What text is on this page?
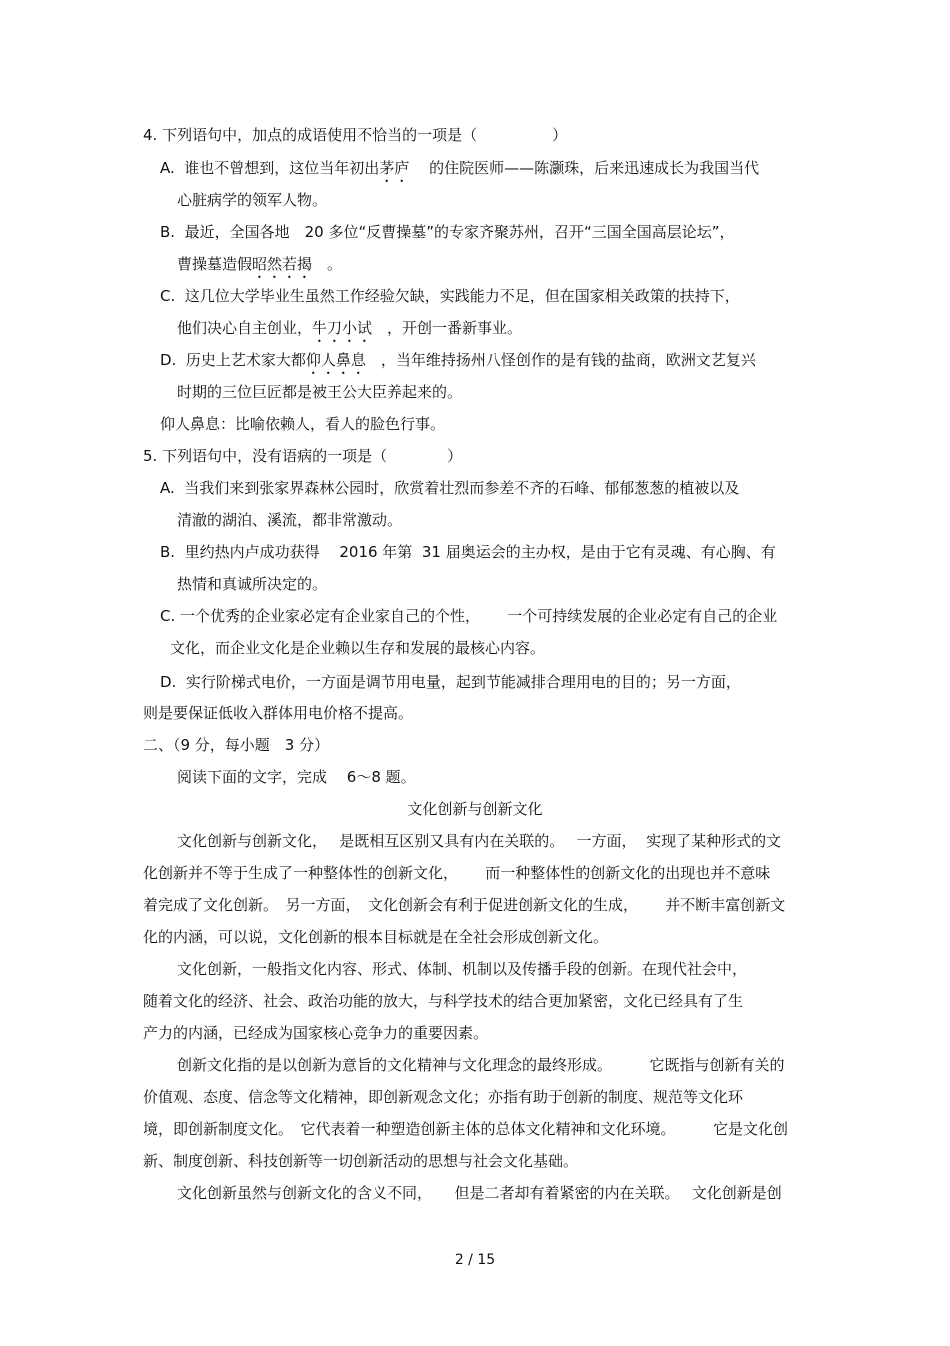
4. 下列语句中，加点的成语使用不恰当的一项是（　　　　　）
A.  谁也不曾想到，这位当年初出茅庐　 的住院医师——陈灏珠，后来迅速成长为我国当代
心脏病学的领军人物。
B.  最近，全国各地　20 多位“反曹操墓”的专家齐聚苏州，召开“三国全国高层论坛”，
曹操墓造假昭然若揭　。
C.  这几位大学毕业生虽然工作经验欠缺，实践能力不足，但在国家相关政策的扶持下，
他们决心自主创业，牛刀小试　，开创一番新事业。
D.  历史上艺术家大都仰人鼻息　，当年维持扬州八怪创作的是有钱的盐商，欧洲文艺复兴
时期的三位巨匠都是被王公大臣养起来的。
仰人鼻息：比喻依赖人，看人的脸色行事。
5. 下列语句中，没有语病的一项是（　　　　）
A.  当我们来到张家界森林公园时，欣赏着壮烈而参差不齐的石峰、郁郁葱葱的植被以及
清澈的湖泊、溪流，都非常激动。
B.  里约热内卢成功获得　 2016 年第  31 届奥运会的主办权，是由于它有灵魂、有心胸、有
热情和真诚所决定的。
C. 一个优秀的企业家必定有企业家自己的个性，　　 一个可持续发展的企业必定有自己的企业
文化，而企业文化是企业赖以生存和发展的最核心内容。
D.  实行阶梯式电价，一方面是调节用电量，起到节能减排合理用电的目的；另一方面，
则是要保证低收入群体用电价格不提高。
二、（9 分，每小题　3 分）
阅读下面的文字，完成　 6～8 题。
文化创新与创新文化
文化创新与创新文化，　 是既相互区别又具有内在关联的。　 一方面，  实现了某种形式的文
化创新并不等于生成了一种整体性的创新文化，　　 而一种整体性的创新文化的出现也并不意味
着完成了文化创新。　另一方面，　文化创新会有利于促进创新文化的生成，　　 并不断丰富创新文
化的内涵，可以说，文化创新的根本目标就是在全社会形成创新文化。
文化创新，一般指文化内容、形式、体制、机制以及传播手段的创新。在现代社会中，
随着文化的经济、社会、政治功能的放大，与科学技术的结合更加紧密，文化已经具有了生
产力的内涵，已经成为国家核心竞争力的重要因素。
创新文化指的是以创新为意旨的文化精神与文化理念的最终形成。　　　它既指与创新有关的
价值观、态度、信念等文化精神，即创新观念文化；亦指有助于创新的制度、规范等文化环
境，即创新制度文化。　它代表着一种塑造创新主体的总体文化精神和文化环境。　　　它是文化创
新、制度创新、科技创新等一切创新活动的思想与社会文化基础。
文化创新虽然与创新文化的含义不同，　　但是二者却有着紧密的内在关联。　 文化创新是创
2 / 15
